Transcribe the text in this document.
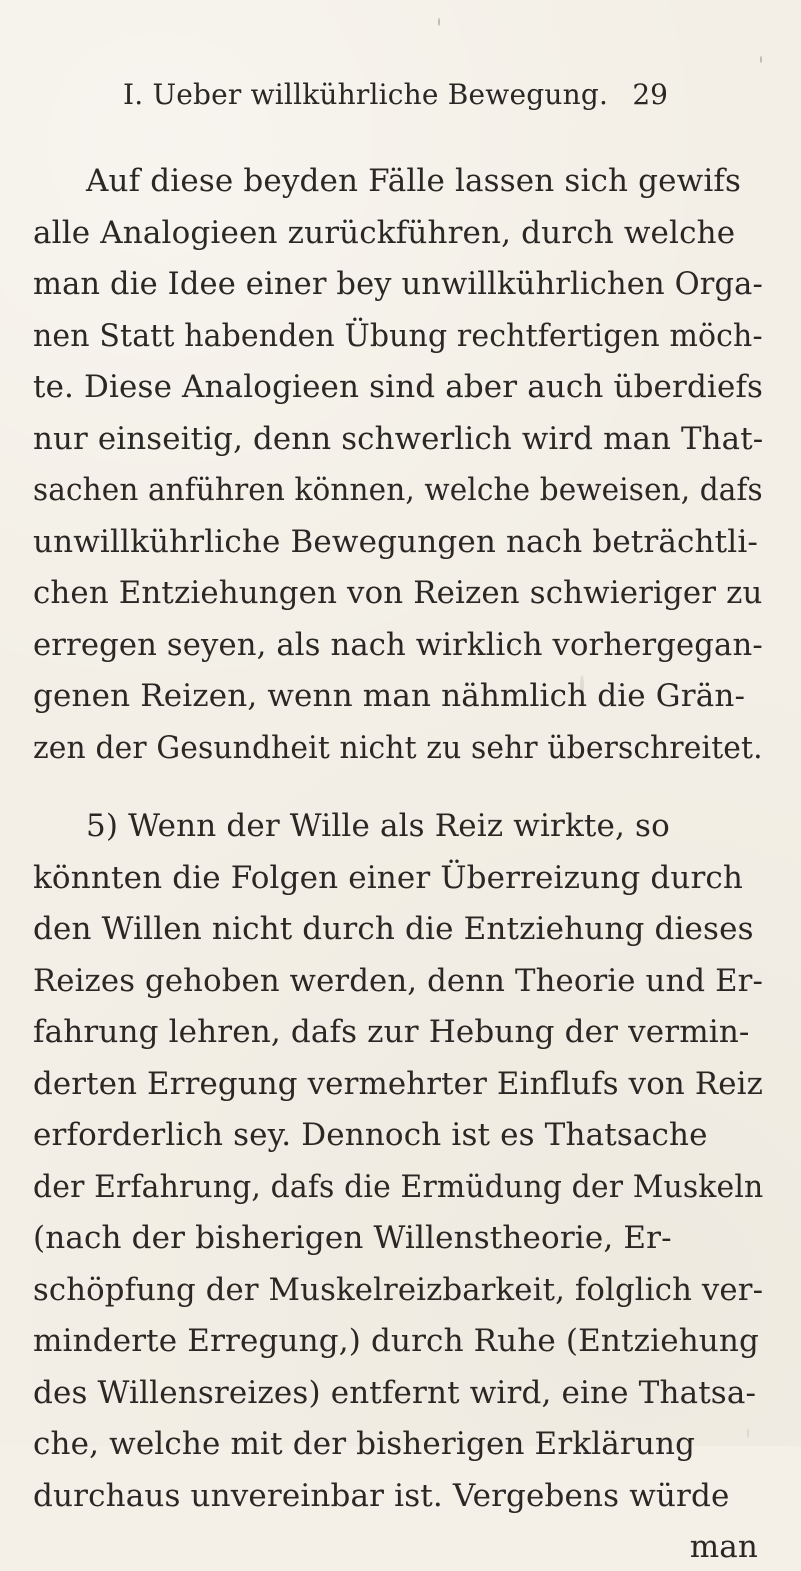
I. Ueber willkührliche Bewegung. 29
Auf diese beyden Fälle lassen sich gewifs
alle Analogieen zurückführen, durch welche
man die Idee einer bey unwillkührlichen Orga-
nen Statt habenden Übung rechtfertigen möch-
te. Diese Analogieen sind aber auch überdiefs
nur einseitig, denn schwerlich wird man That-
sachen anführen können, welche beweisen, dafs
unwillkührliche Bewegungen nach beträchtli-
chen Entziehungen von Reizen schwieriger zu
erregen seyen, als nach wirklich vorhergegan-
genen Reizen, wenn man nähmlich die Grän-
zen der Gesundheit nicht zu sehr überschreitet.
5) Wenn der Wille als Reiz wirkte, so
könnten die Folgen einer Überreizung durch
den Willen nicht durch die Entziehung dieses
Reizes gehoben werden, denn Theorie und Er-
fahrung lehren, dafs zur Hebung der vermin-
derten Erregung vermehrter Einflufs von Reiz
erforderlich sey. Dennoch ist es Thatsache
der Erfahrung, dafs die Ermüdung der Muskeln
(nach der bisherigen Willenstheorie, Er-
schöpfung der Muskelreizbarkeit, folglich ver-
minderte Erregung,) durch Ruhe (Entziehung
des Willensreizes) entfernt wird, eine Thatsa-
che, welche mit der bisherigen Erklärung
durchaus unvereinbar ist. Vergebens würde
man
